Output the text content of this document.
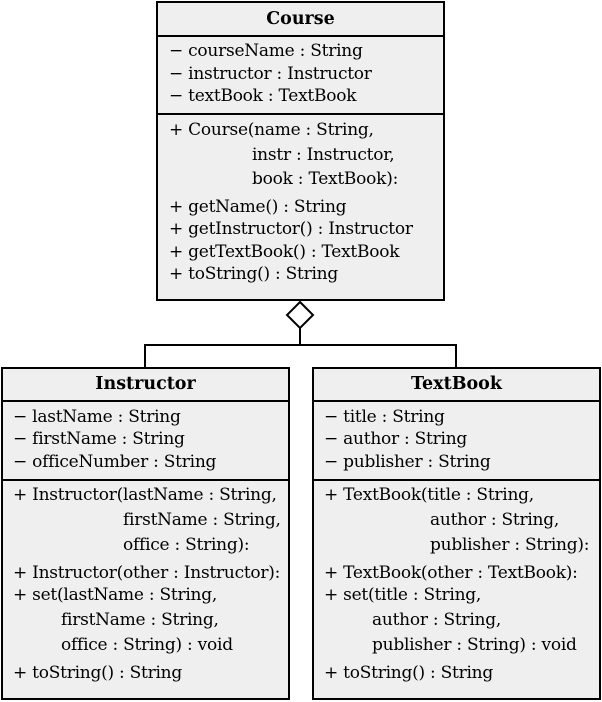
Course
− courseName : String
− instructor : Instructor
− textBook : TextBook
+ Course(name : String,
instr : Instructor,
book : TextBook):
+ getName() : String
+ getInstructor() : Instructor
+ getTextBook() : TextBook
+ toString() : String
Instructor
− lastName : String
− firstName : String
− officeNumber : String
+ Instructor(lastName : String,
firstName : String,
office : String):
+ Instructor(other : Instructor):
+ set(lastName : String,
firstName : String,
office : String) : void
+ toString() : String
TextBook
− title : String
− author : String
− publisher : String
+ TextBook(title : String,
author : String,
publisher : String):
+ TextBook(other : TextBook):
+ set(title : String,
author : String,
publisher : String) : void
+ toString() : String
